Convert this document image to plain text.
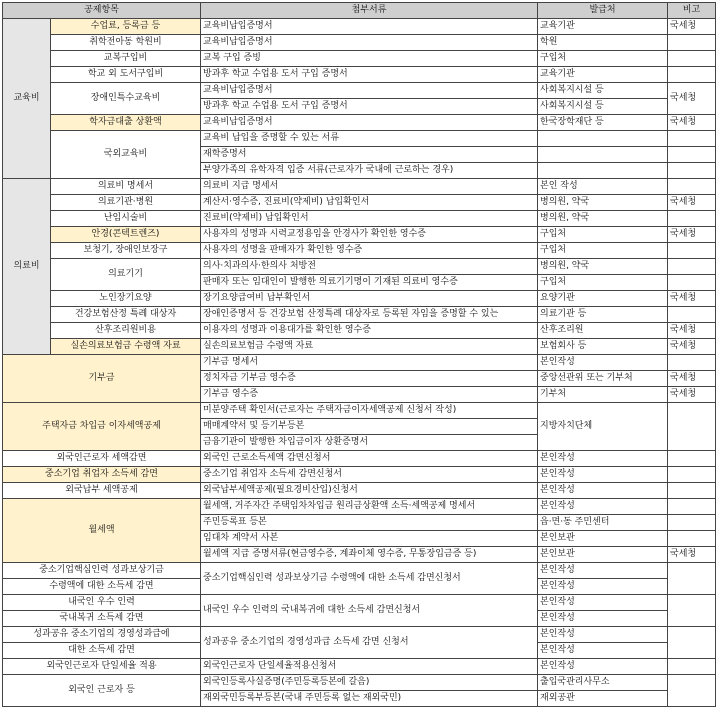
공제항목		첨부서류	발급처	비고
교육비	수업료, 등록금 등	교육비납입증명서	교육기관	국세청
	취학전아동 학원비	교육비납입증명서	학원	
	교복구입비	교복 구입 증빙	구입처	
	학교 외 도서구입비	방과후 학교 수업용 도서 구입 증명서	교육기관	
	장애인특수교육비	교육비납입증명서	사회복지시설 등	국세청
		방과후 학교 수업용 도서 구입 증명서	사회복지시설 등	
	학자금대출 상환액	교육비납입증명서	한국장학재단 등	국세청
	국외교육비	교육비 납입을 증명할 수 있는 서류		
		재학증명서		
		부양가족의 유학자격 입증 서류(근로자가 국내에 근로하는 경우)		
의료비	의료비 명세서	의료비 지급 명세서	본인 작성	
	의료기관·병원	계산서·영수증, 진료비(약제비) 납입확인서	병의원, 약국	국세청
	난임시술비	진료비(약제비) 납입확인서	병의원, 약국	
	안경(콘텍트렌즈)	사용자의 성명과 시력교정용임을 안경사가 확인한 영수증	구입처	국세청
	보청기, 장애인보장구	사용자의 성명을 판매자가 확인한 영수증	구입처	
	의료기기	의사·치과의사·한의사 처방전	병의원, 약국	
		판매자 또는 임대인이 발행한 의료기기명이 기재된 의료비 영수증	구입처	
	노인장기요양	장기요양급여비 납부확인서	요양기관	국세청
	건강보험산정 특례 대상자	장애인증명서 등 건강보험 산정특례 대상자로 등록된 자임을 증명할 수 있는	의료기관 등	
	산후조리원비용	이용자의 성명과 이용대가를 확인한 영수증	산후조리원	국세청
	실손의료보험금 수령액 자료	실손의료보험금 수령액 자료	보험회사 등	국세청
기부금		기부금 명세서	본인작성	
		정치자금 기부금 영수증	중앙선관위 또는 기부처	국세청
		기부금 영수증	기부처	국세청
주택자금 차입금 이자세액공제		미분양주택 확인서(근로자는 주택자금이자세액공제 신청서 작성)	지방자치단체	
		매매계약서 및 등기부등본		
		금융기관이 발행한 차입금이자 상환증명서		
외국인근로자 세액감면		외국인 근로소득세액 감면신청서	본인작성	
중소기업 취업자 소득세 감면		중소기업 취업자 소득세 감면신청서	본인작성	
외국납부 세액공제		외국납부세액공제(필요경비산입)신청서	본인작성	
월세액		월세액, 거주자간 주택임차차입금 원리금상환액 소득·세액공제 명세서	본인작성	
		주민등록표 등본	읍·면·동 주민센터	
		임대차 계약서 사본	본인보관	
		월세액 지급 증명서류(현금영수증, 계좌이체 영수증, 무통장입금증 등)	본인보관	국세청
중소기업핵심인력 성과보상기금		중소기업핵심인력 성과보상기금 수령액에 대한 소득세 감면신청서	본인작성	
수령액에 대한 소득세 감면			본인작성	
내국인 우수 인력		내국인 우수 인력의 국내복귀에 대한 소득세 감면신청서	본인작성	
국내복귀 소득세 감면			본인작성	
성과공유 중소기업의 경영성과급에		성과공유 중소기업의 경영성과급 소득세 감면 신청서	본인작성	
대한 소득세 감면			본인작성	
외국인근로자 단일세율 적용		외국인근로자 단일세율적용신청서	본인작성	
외국인 근로자 등		외국인등록사실증명(주민등록등본에 갈음)	출입국관리사무소	
		재외국민등록부등본(국내 주민등록 없는 재외국민)	재외공관	
